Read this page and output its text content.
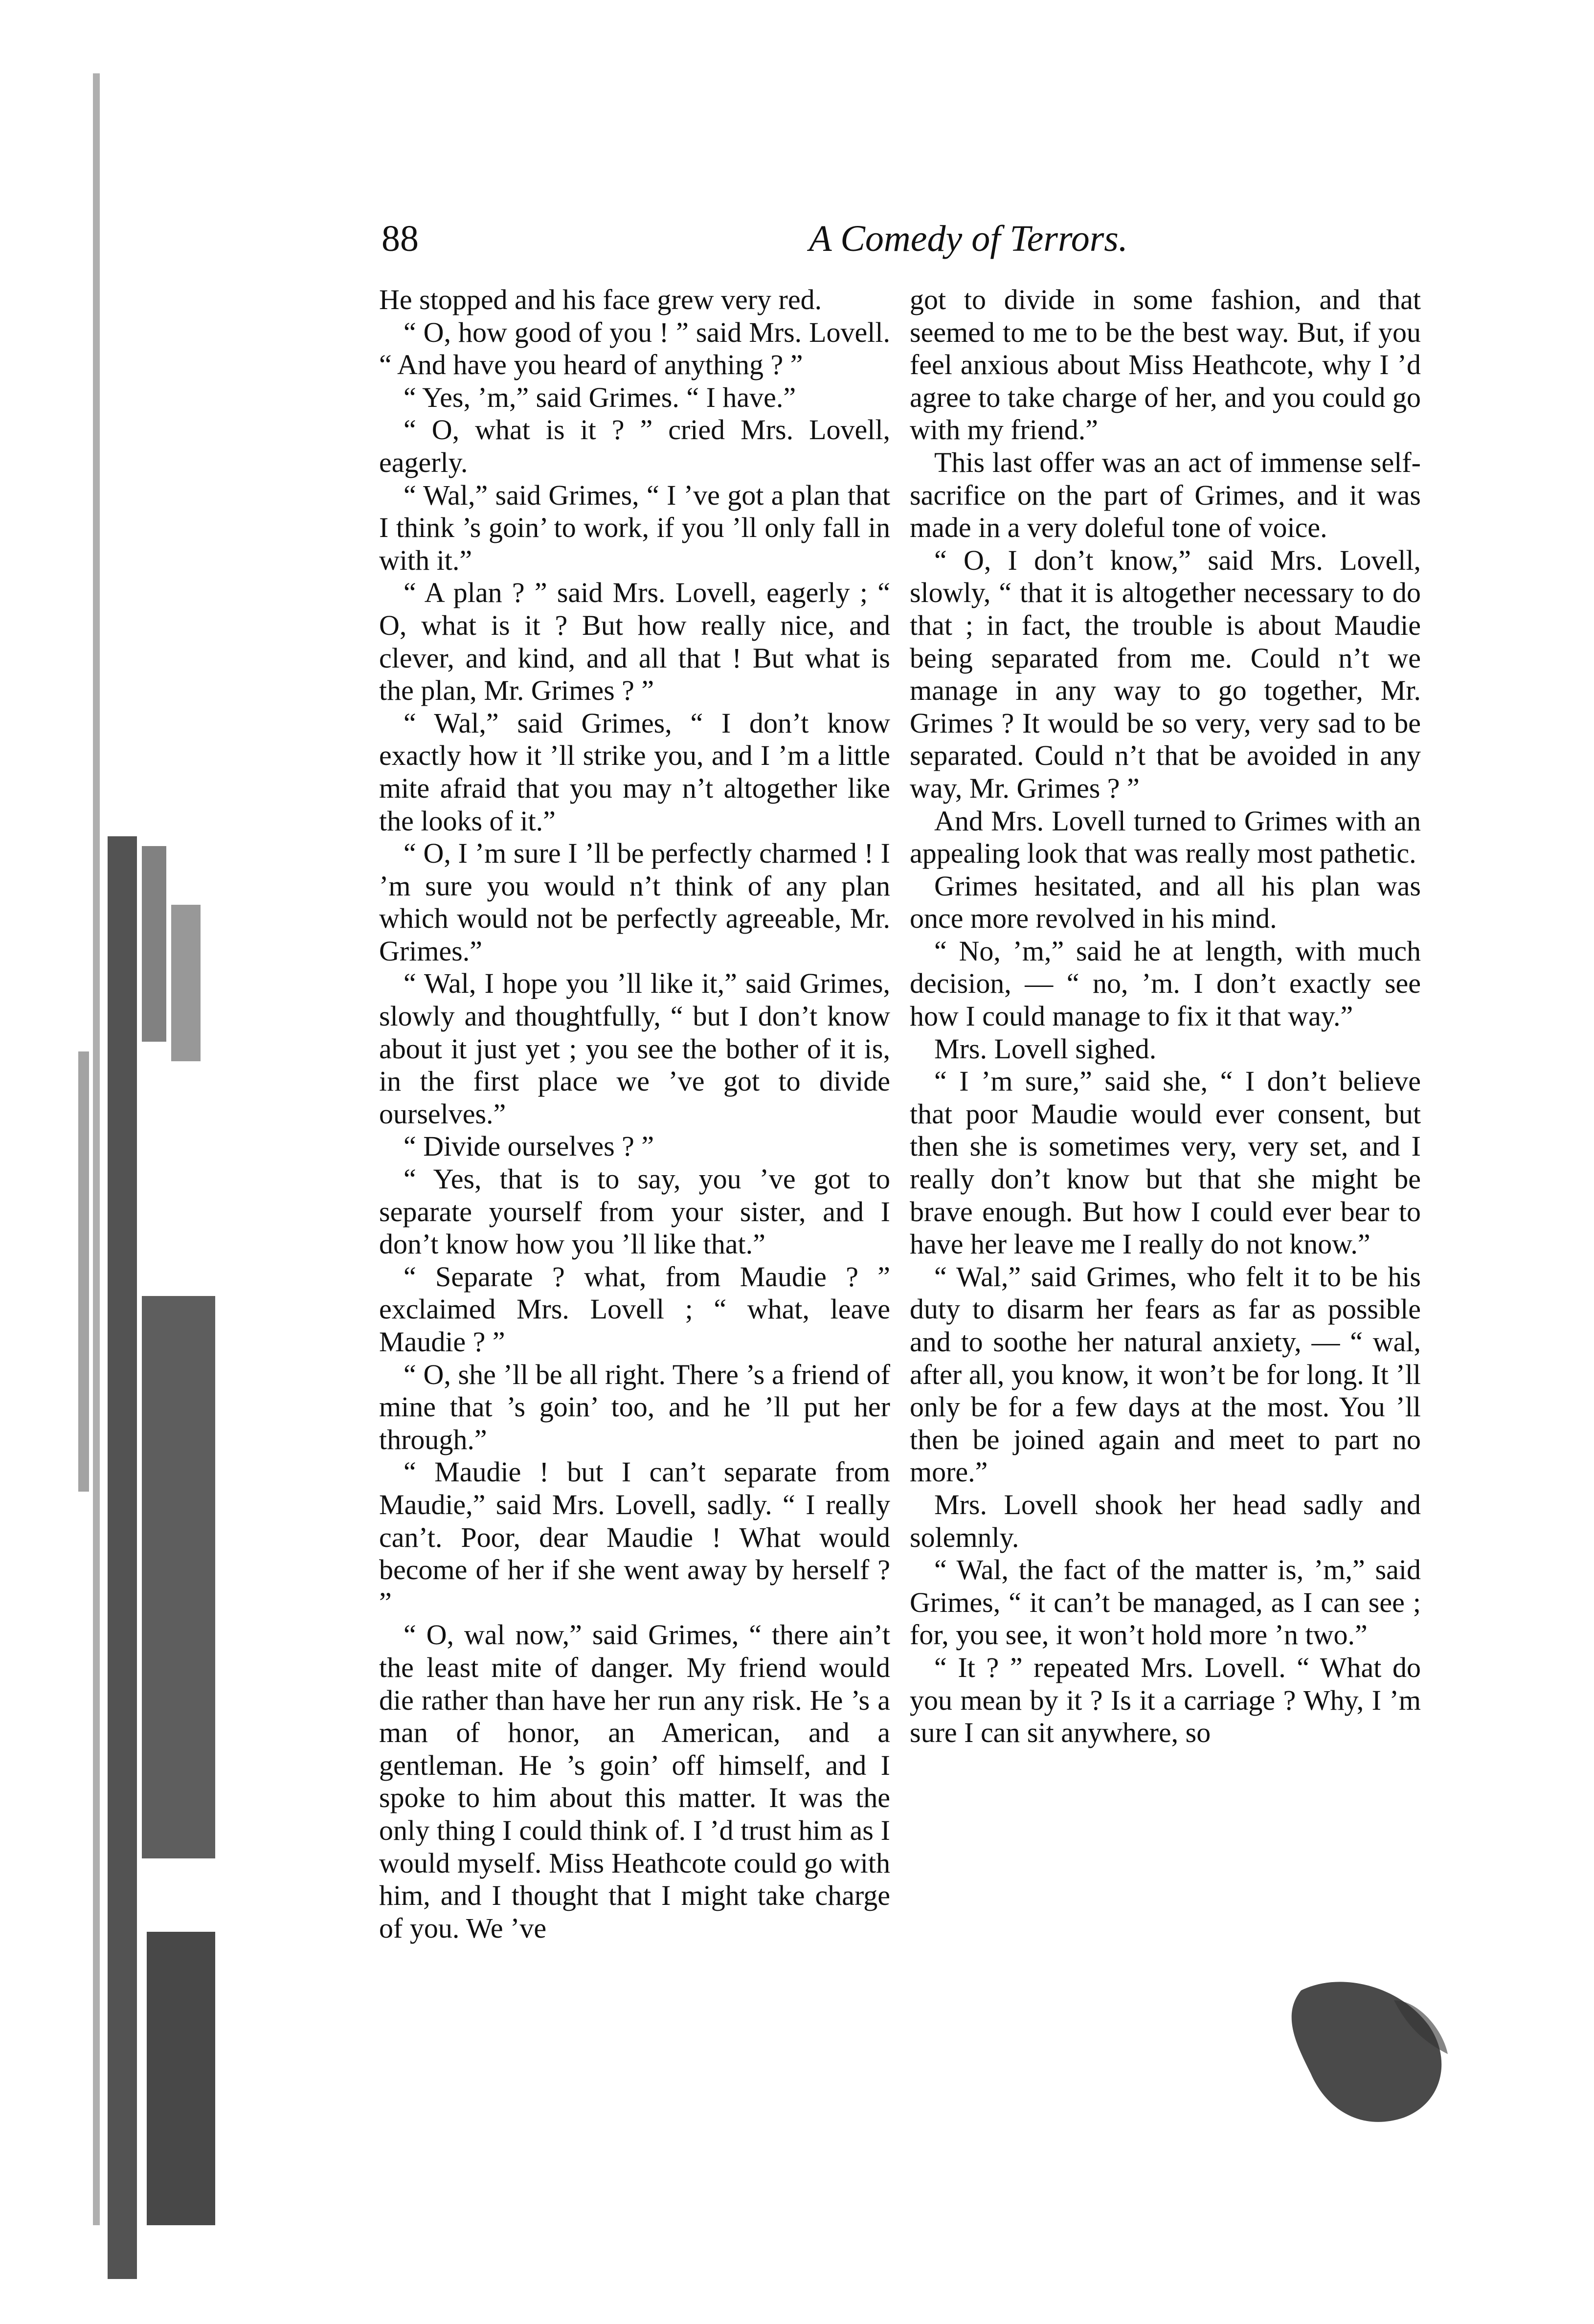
88	A Comedy of Terrors.

He stopped and his face grew very red.

“ O, how good of you ! ” said Mrs. Lovell. “ And have you heard of anything ? ”

“ Yes, ’m,” said Grimes. “ I have.”

“ O, what is it ? ” cried Mrs. Lovell, eagerly.

“ Wal,” said Grimes, “ I ’ve got a plan that I think ’s goin’ to work, if you ’ll only fall in with it.”

“ A plan ? ” said Mrs. Lovell, eagerly ; “ O, what is it ? But how really nice, and clever, and kind, and all that ! But what is the plan, Mr. Grimes ? ”

“ Wal,” said Grimes, “ I don’t know exactly how it ’ll strike you, and I ’m a little mite afraid that you may n’t altogether like the looks of it.”

“ O, I ’m sure I ’ll be perfectly charmed ! I ’m sure you would n’t think of any plan which would not be perfectly agreeable, Mr. Grimes.”

“ Wal, I hope you ’ll like it,” said Grimes, slowly and thoughtfully, “ but I don’t know about it just yet ; you see the bother of it is, in the first place we ’ve got to divide ourselves.”

“ Divide ourselves ? ”

“ Yes, that is to say, you ’ve got to separate yourself from your sister, and I don’t know how you ’ll like that.”

“ Separate ? what, from Maudie ? ” exclaimed Mrs. Lovell ; “ what, leave Maudie ? ”

“ O, she ’ll be all right. There ’s a friend of mine that ’s goin’ too, and he ’ll put her through.”

“ Maudie ! but I can’t separate from Maudie,” said Mrs. Lovell, sadly. “ I really can’t. Poor, dear Maudie ! What would become of her if she went away by herself ? ”

“ O, wal now,” said Grimes, “ there ain’t the least mite of danger. My friend would die rather than have her run any risk. He ’s a man of honor, an American, and a gentleman. He ’s goin’ off himself, and I spoke to him about this matter. It was the only thing I could think of. I ’d trust him as I would myself. Miss Heathcote could go with him, and I thought that I might take charge of you. We ’ve

got to divide in some fashion, and that seemed to me to be the best way. But, if you feel anxious about Miss Heathcote, why I ’d agree to take charge of her, and you could go with my friend.”

This last offer was an act of immense self-sacrifice on the part of Grimes, and it was made in a very doleful tone of voice.

“ O, I don’t know,” said Mrs. Lovell, slowly, “ that it is altogether necessary to do that ; in fact, the trouble is about Maudie being separated from me. Could n’t we manage in any way to go together, Mr. Grimes ? It would be so very, very sad to be separated. Could n’t that be avoided in any way, Mr. Grimes ? ”

And Mrs. Lovell turned to Grimes with an appealing look that was really most pathetic.

Grimes hesitated, and all his plan was once more revolved in his mind.

“ No, ’m,” said he at length, with much decision, — “ no, ’m. I don’t exactly see how I could manage to fix it that way.”

Mrs. Lovell sighed.

“ I ’m sure,” said she, “ I don’t believe that poor Maudie would ever consent, but then she is sometimes very, very set, and I really don’t know but that she might be brave enough. But how I could ever bear to have her leave me I really do not know.”

“ Wal,” said Grimes, who felt it to be his duty to disarm her fears as far as possible and to soothe her natural anxiety, — “ wal, after all, you know, it won’t be for long. It ’ll only be for a few days at the most. You ’ll then be joined again and meet to part no more.”

Mrs. Lovell shook her head sadly and solemnly.

“ Wal, the fact of the matter is, ’m,” said Grimes, “ it can’t be managed, as I can see ; for, you see, it won’t hold more ’n two.”

“ It ? ” repeated Mrs. Lovell. “ What do you mean by it ? Is it a carriage ? Why, I ’m sure I can sit anywhere, so
